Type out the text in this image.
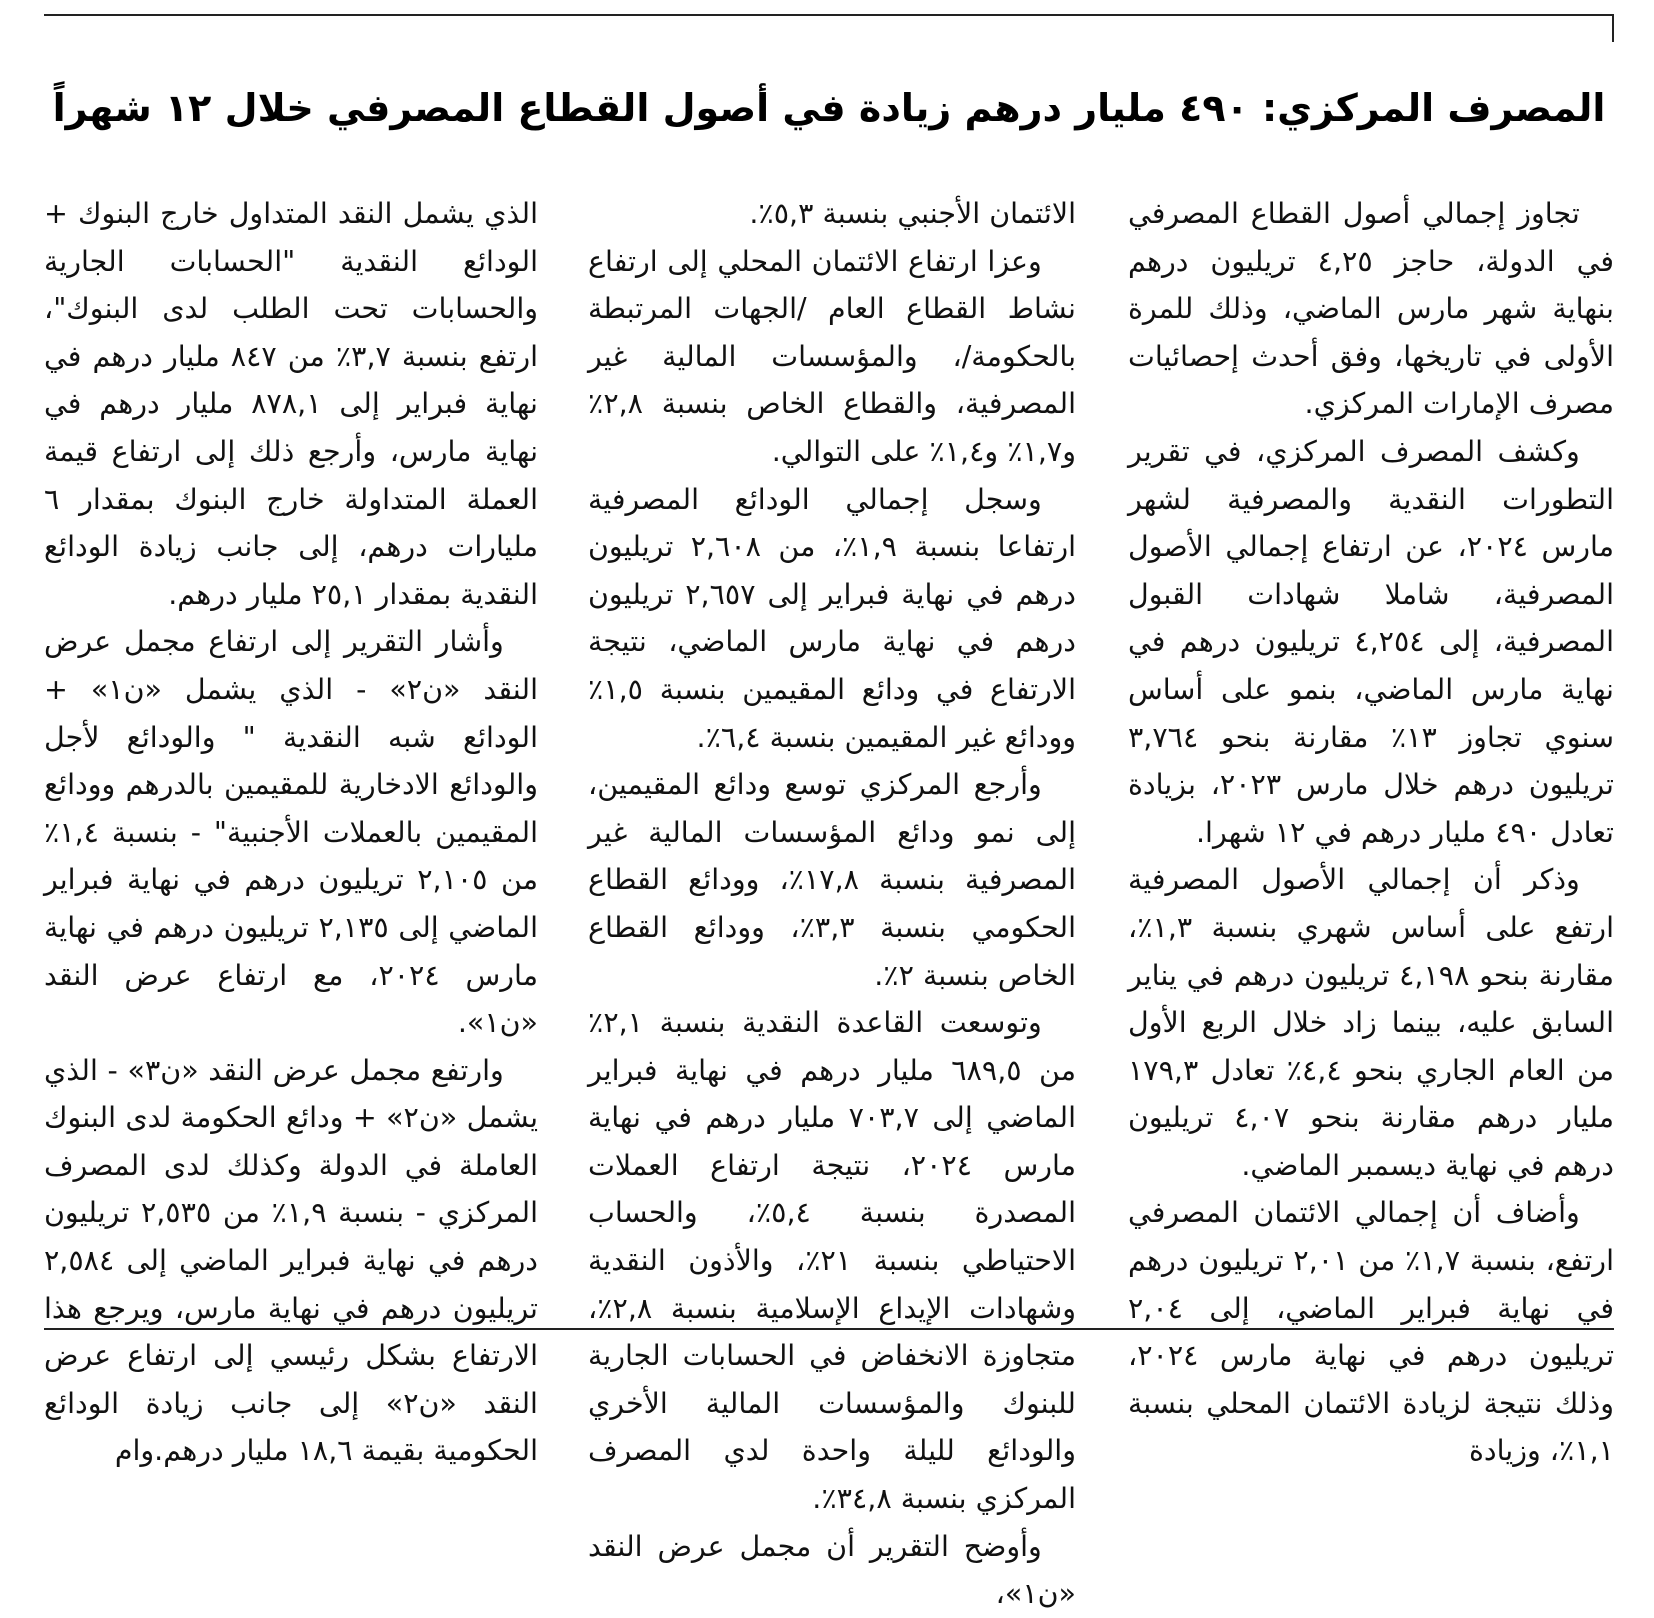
المصرف المركزي: ٤٩٠ مليار درهم زيادة في أصول القطاع المصرفي خلال ١٢ شهراً

تجاوز إجمالي أصول القطاع المصرفي في الدولة، حاجز ٤,٢٥ تريليون درهم بنهاية شهر مارس الماضي، وذلك للمرة الأولى في تاريخها، وفق أحدث إحصائيات مصرف الإمارات المركزي.

وكشف المصرف المركزي، في تقرير التطورات النقدية والمصرفية لشهر مارس ٢٠٢٤، عن ارتفاع إجمالي الأصول المصرفية، شاملا شهادات القبول المصرفية، إلى ٤,٢٥٤ تريليون درهم في نهاية مارس الماضي، بنمو على أساس سنوي تجاوز ١٣٪ مقارنة بنحو ٣,٧٦٤ تريليون درهم خلال مارس ٢٠٢٣، بزيادة تعادل ٤٩٠ مليار درهم في ١٢ شهرا.

وذكر أن إجمالي الأصول المصرفية ارتفع على أساس شهري بنسبة ١,٣٪، مقارنة بنحو ٤,١٩٨ تريليون درهم في يناير السابق عليه، بينما زاد خلال الربع الأول من العام الجاري بنحو ٤,٤٪ تعادل ١٧٩,٣ مليار درهم مقارنة بنحو ٤,٠٧ تريليون درهم في نهاية ديسمبر الماضي.

وأضاف أن إجمالي الائتمان المصرفي ارتفع، بنسبة ١,٧٪ من ٢,٠١ تريليون درهم في نهاية فبراير الماضي، إلى ٢,٠٤ تريليون درهم في نهاية مارس ٢٠٢٤، وذلك نتيجة لزيادة الائتمان المحلي بنسبة ١,١٪، وزيادة

الائتمان الأجنبي بنسبة ٥,٣٪.

وعزا ارتفاع الائتمان المحلي إلى ارتفاع نشاط القطاع العام /الجهات المرتبطة بالحكومة/، والمؤسسات المالية غير المصرفية، والقطاع الخاص بنسبة ٢,٨٪ و١,٧٪ و١,٤٪ على التوالي.

وسجل إجمالي الودائع المصرفية ارتفاعا بنسبة ١,٩٪، من ٢,٦٠٨ تريليون درهم في نهاية فبراير إلى ٢,٦٥٧ تريليون درهم في نهاية مارس الماضي، نتيجة الارتفاع في ودائع المقيمين بنسبة ١,٥٪ وودائع غير المقيمين بنسبة ٦,٤٪.

وأرجع المركزي توسع ودائع المقيمين، إلى نمو ودائع المؤسسات المالية غير المصرفية بنسبة ١٧,٨٪، وودائع القطاع الحكومي بنسبة ٣,٣٪، وودائع القطاع الخاص بنسبة ٢٪.

وتوسعت القاعدة النقدية بنسبة ٢,١٪ من ٦٨٩,٥ مليار درهم في نهاية فبراير الماضي إلى ٧٠٣,٧ مليار درهم في نهاية مارس ٢٠٢٤، نتيجة ارتفاع العملات المصدرة بنسبة ٥,٤٪، والحساب الاحتياطي بنسبة ٢١٪، والأذون النقدية وشهادات الإيداع الإسلامية بنسبة ٢,٨٪، متجاوزة الانخفاض في الحسابات الجارية للبنوك والمؤسسات المالية الأخري والودائع لليلة واحدة لدي المصرف المركزي بنسبة ٣٤,٨٪.

وأوضح التقرير أن مجمل عرض النقد «ن١»،

الذي يشمل النقد المتداول خارج البنوك + الودائع النقدية "الحسابات الجارية والحسابات تحت الطلب لدى البنوك"، ارتفع بنسبة ٣,٧٪ من ٨٤٧ مليار درهم في نهاية فبراير إلى ٨٧٨,١ مليار درهم في نهاية مارس، وأرجع ذلك إلى ارتفاع قيمة العملة المتداولة خارج البنوك بمقدار ٦ مليارات درهم، إلى جانب زيادة الودائع النقدية بمقدار ٢٥,١ مليار درهم.

وأشار التقرير إلى ارتفاع مجمل عرض النقد «ن٢» - الذي يشمل «ن١» + الودائع شبه النقدية " والودائع لأجل والودائع الادخارية للمقيمين بالدرهم وودائع المقيمين بالعملات الأجنبية" - بنسبة ١,٤٪ من ٢,١٠٥ تريليون درهم في نهاية فبراير الماضي إلى ٢,١٣٥ تريليون درهم في نهاية مارس ٢٠٢٤، مع ارتفاع عرض النقد «ن١».

وارتفع مجمل عرض النقد «ن٣» - الذي يشمل «ن٢» + ودائع الحكومة لدى البنوك العاملة في الدولة وكذلك لدى المصرف المركزي - بنسبة ١,٩٪ من ٢,٥٣٥ تريليون درهم في نهاية فبراير الماضي إلى ٢,٥٨٤ تريليون درهم في نهاية مارس، ويرجع هذا الارتفاع بشكل رئيسي إلى ارتفاع عرض النقد «ن٢» إلى جانب زيادة الودائع الحكومية بقيمة ١٨,٦ مليار درهم.وام
